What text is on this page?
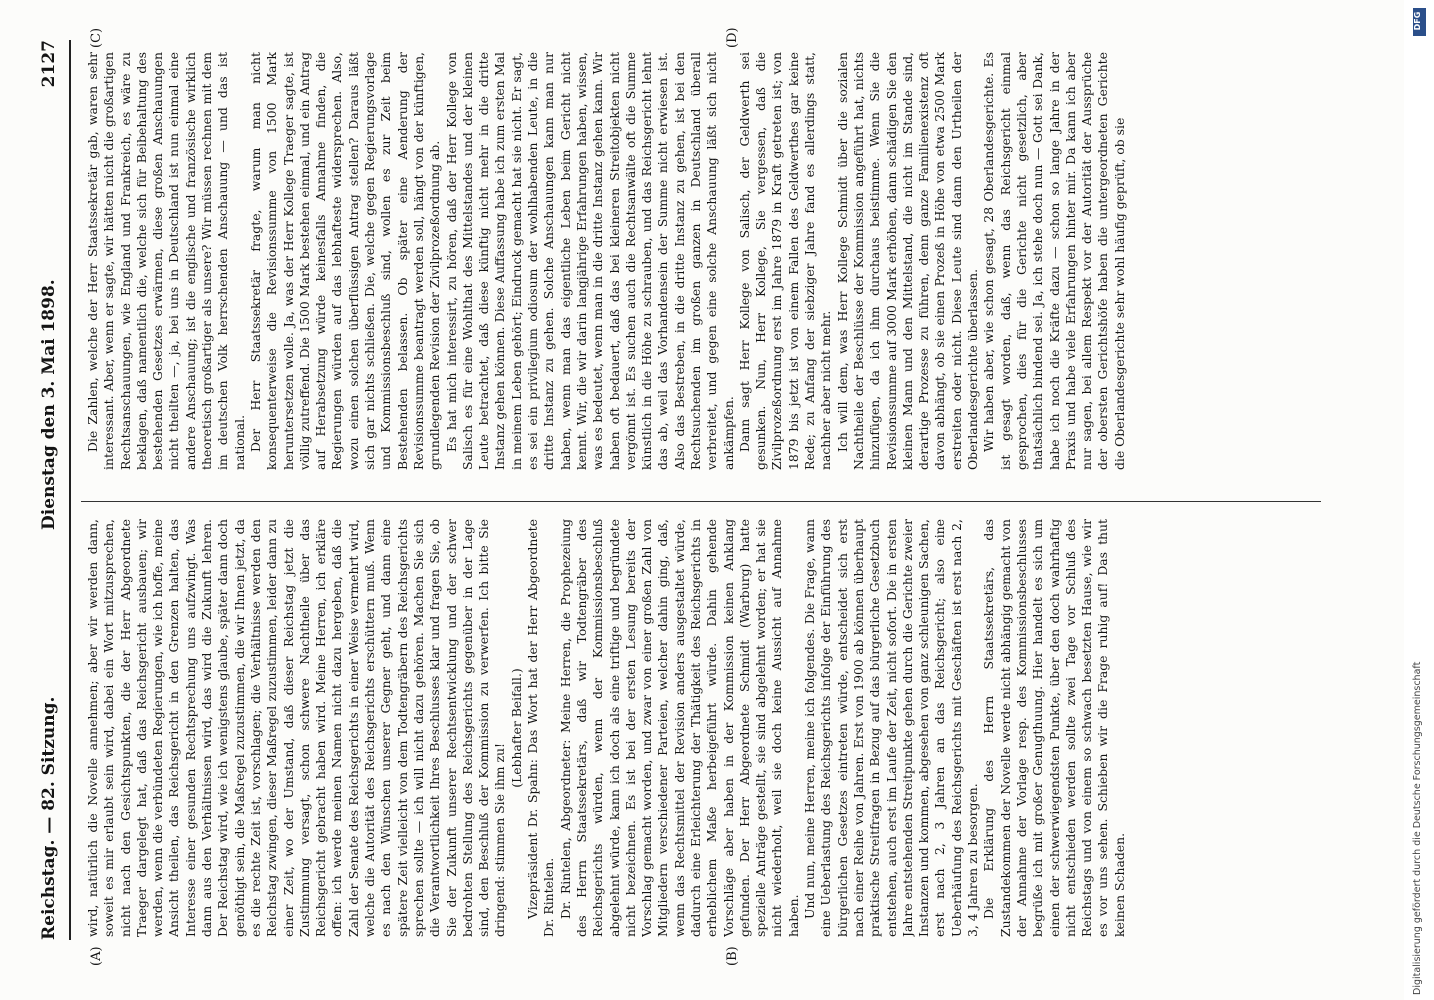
Reichstag. — 82. Sitzung.
Dienstag den 3. Mai 1898.
2127
(A)	(B)
(C)	(D)

wird, natürlich die Novelle annehmen; aber wir werden dann, soweit es mir erlaubt sein wird, dabei ein Wort mitzusprechen, nicht nach den Gesichtspunkten, die der Herr Abgeordnete Traeger dargelegt hat, daß das Reichsgericht ausbauen; wir werden, wenn die verbündeten Regierungen, wie ich hoffe, meine Ansicht theilen, das Reichsgericht in den Grenzen halten, das Interesse einer gesunden Rechtsprechung uns aufzwingt. Was dann aus den Verhältnissen wird, das wird die Zukunft lehren. Der Reichstag wird, wie ich wenigstens glaube, später dann doch genöthigt sein, die Maßregel zuzustimmen, die wir Ihnen jetzt, da es die rechte Zeit ist, vorschlagen; die Verhältnisse werden den Reichstag zwingen, dieser Maßregel zuzustimmen, leider dann zu einer Zeit, wo der Umstand, daß dieser Reichstag jetzt die Zustimmung versagt, schon schwere Nachtheile über das Reichsgericht gebracht haben wird. Meine Herren, ich erkläre offen: ich werde meinen Namen nicht dazu hergeben, daß die Zahl der Senate des Reichsgerichts in einer Weise vermehrt wird, welche die Autorität des Reichsgerichts erschüttern muß. Wenn es nach den Wünschen unserer Gegner geht, und dann eine spätere Zeit vielleicht von dem Todtengräbern des Reichsgerichts sprechen sollte — ich will nicht dazu gehören. Machen Sie sich die Verantwortlichkeit Ihres Beschlusses klar und fragen Sie, ob Sie der Zukunft unserer Rechtsentwicklung und der schwer bedrohten Stellung des Reichsgerichts gegenüber in der Lage sind, den Beschluß der Kommission zu verwerfen. Ich bitte Sie dringend: stimmen Sie ihm zu!

(Lebhafter Beifall.) Vizepräsident Dr. Spahn: Das Wort hat der Herr Abgeordnete Dr. Rintelen. Dr. Rintelen, Abgeordneter: Meine Herren, die Prophezeiung des Herrn Staatssekretärs, daß wir Todtengräber des Reichsgerichts würden, wenn der Kommissionsbeschluß abgelehnt würde, kann ich doch als eine triftige und begründete nicht bezeichnen. Es ist bei der ersten Lesung bereits der Vorschlag gemacht worden, und zwar von einer großen Zahl von Mitgliedern verschiedener Parteien, welcher dahin ging, daß, wenn das Rechtsmittel der Revision anders ausgestaltet würde, dadurch eine Erleichterung der Thätigkeit des Reichsgerichts in erheblichem Maße herbeigeführt würde. Dahin gehende Vorschläge aber haben in der Kommission keinen Anklang gefunden. Der Herr Abgeordnete Schmidt (Warburg) hatte spezielle Anträge gestellt, sie sind abgelehnt worden; er hat sie nicht wiederholt, weil sie doch keine Aussicht auf Annahme haben. Und nun, meine Herren, meine ich folgendes. Die Frage, wann eine Ueberlastung des Reichsgerichts infolge der Einführung des bürgerlichen Gesetzes eintreten würde, entscheidet sich erst nach einer Reihe von Jahren. Erst von 1900 ab können überhaupt praktische Streitfragen in Bezug auf das bürgerliche Gesetzbuch entstehen, auch erst im Laufe der Zeit, nicht sofort. Die in ersten Jahre entstehenden Streitpunkte gehen durch die Gerichte zweier Instanzen und kommen, abgesehen von ganz schleunigen Sachen, erst nach 2, 3 Jahren an das Reichsgericht; also eine Ueberhäufung des Reichsgerichts mit Geschäften ist erst nach 2, 3, 4 Jahren zu besorgen. Die Erklärung des Herrn Staatssekretärs, das Zustandekommen der Novelle werde nicht abhängig gemacht von der Annahme der Vorlage resp. des Kommissionsbeschlusses begrüße ich mit großer Genugthuung. Hier handelt es sich um einen der schwerwiegendsten Punkte, über den doch wahrhaftig nicht entschieden werden sollte zwei Tage vor Schluß des Reichstags und von einem so schwach besetzten Hause, wie wir es vor uns sehen. Schieben wir die Frage ruhig auf! Das thut keinen Schaden.

Die Zahlen, welche der Herr Staatssekretär gab, waren sehr interessant. Aber, wenn er sagte, wir hätten nicht die großartigen Rechtsanschauungen, wie England und Frankreich, es wäre zu beklagen, daß namentlich die, welche sich für Beibehaltung des bestehenden Gesetzes erwärmen, diese großen Anschauungen nicht theilten —, ja, bei uns in Deutschland ist nun einmal eine andere Anschauung; ist die englische und französische wirklich theoretisch großartiger als unsere? Wir müssen rechnen mit dem im deutschen Volk herrschenden Anschauung — und das ist national. Der Herr Staatssekretär fragte, warum man nicht konsequenterweise die Revisionssumme von 1500 Mark heruntersetzen wolle. Ja, was der Herr Kollege Traeger sagte, ist völlig zutreffend. Die 1500 Mark bestehen einmal, und ein Antrag auf Herabsetzung würde keinesfalls Annahme finden, die Regierungen würden auf das lebhafteste widersprechen. Also, wozu einen solchen überflüssigen Antrag stellen? Daraus läßt sich gar nichts schließen. Die, welche gegen Regierungsvorlage und Kommissionsbeschluß sind, wollen es zur Zeit beim Bestehenden belassen. Ob später eine Aenderung der Revisionssumme beantragt werden soll, hängt von der künftigen, grundlegenden Revision der Zivilprozeßordnung ab. Es hat mich interessirt, zu hören, daß der Herr Kollege von Salisch es für eine Wohlthat des Mittelstandes und der kleinen Leute betrachtet, daß diese künftig nicht mehr in die dritte Instanz gehen können. Diese Auffassung habe ich zum ersten Mal in meinem Leben gehört; Eindruck gemacht hat sie nicht. Er sagt, es sei ein privilegium odiosum der wohlhabenden Leute, in die dritte Instanz zu gehen. Solche Anschauungen kann man nur haben, wenn man das eigentliche Leben beim Gericht nicht kennt. Wir, die wir darin langjährige Erfahrungen haben, wissen, was es bedeutet, wenn man in die dritte Instanz gehen kann. Wir haben oft bedauert, daß das bei kleineren Streitobjekten nicht vergönnt ist. Es suchen auch die Rechtsanwälte oft die Summe künstlich in die Höhe zu schrauben, und das Reichsgericht lehnt das ab, weil das Vorhandensein der Summe nicht erwiesen ist. Also das Bestreben, in die dritte Instanz zu gehen, ist bei den Rechtsuchenden im großen ganzen in Deutschland überall verbreitet, und gegen eine solche Anschauung läßt sich nicht ankämpfen. Dann sagt Herr Kollege von Salisch, der Geldwerth sei gesunken. Nun, Herr Kollege, Sie vergessen, daß die Zivilprozeßordnung erst im Jahre 1879 in Kraft getreten ist; von 1879 bis jetzt ist von einem Fallen des Geldwerthes gar keine Rede; zu Anfang der siebziger Jahre fand es allerdings statt, nachher aber nicht mehr. Ich will dem, was Herr Kollege Schmidt über die sozialen Nachtheile der Beschlüsse der Kommission angeführt hat, nichts hinzufügen, da ich ihm durchaus beistimme. Wenn Sie die Revisionssumme auf 3000 Mark erhöhen, dann schädigen Sie den kleinen Mann und den Mittelstand, die nicht im Stande sind, derartige Prozesse zu führen, denn ganze Familienexistenz oft davon abhängt, ob sie einen Prozeß in Höhe von etwa 2500 Mark erstreiten oder nicht. Diese Leute sind dann den Urtheilen der Oberlandesgerichte überlassen. Wir haben aber, wie schon gesagt, 28 Oberlandesgerichte. Es ist gesagt worden, daß, wenn das Reichsgericht einmal gesprochen, dies für die Gerichte nicht gesetzlich, aber thatsächlich bindend sei. Ja, ich stehe doch nun — Gott sei Dank, habe ich noch die Kräfte dazu — schon so lange Jahre in der Praxis und habe viele Erfahrungen hinter mir. Da kann ich aber nur sagen, bei allem Respekt vor der Autorität der Aussprüche der obersten Gerichtshöfe haben die untergeordneten Gerichte die Oberlandesgerichte sehr wohl häufig geprüft, ob sie

DFG
Digitalisierung gefördert durch die Deutsche Forschungsgemeinschaft
